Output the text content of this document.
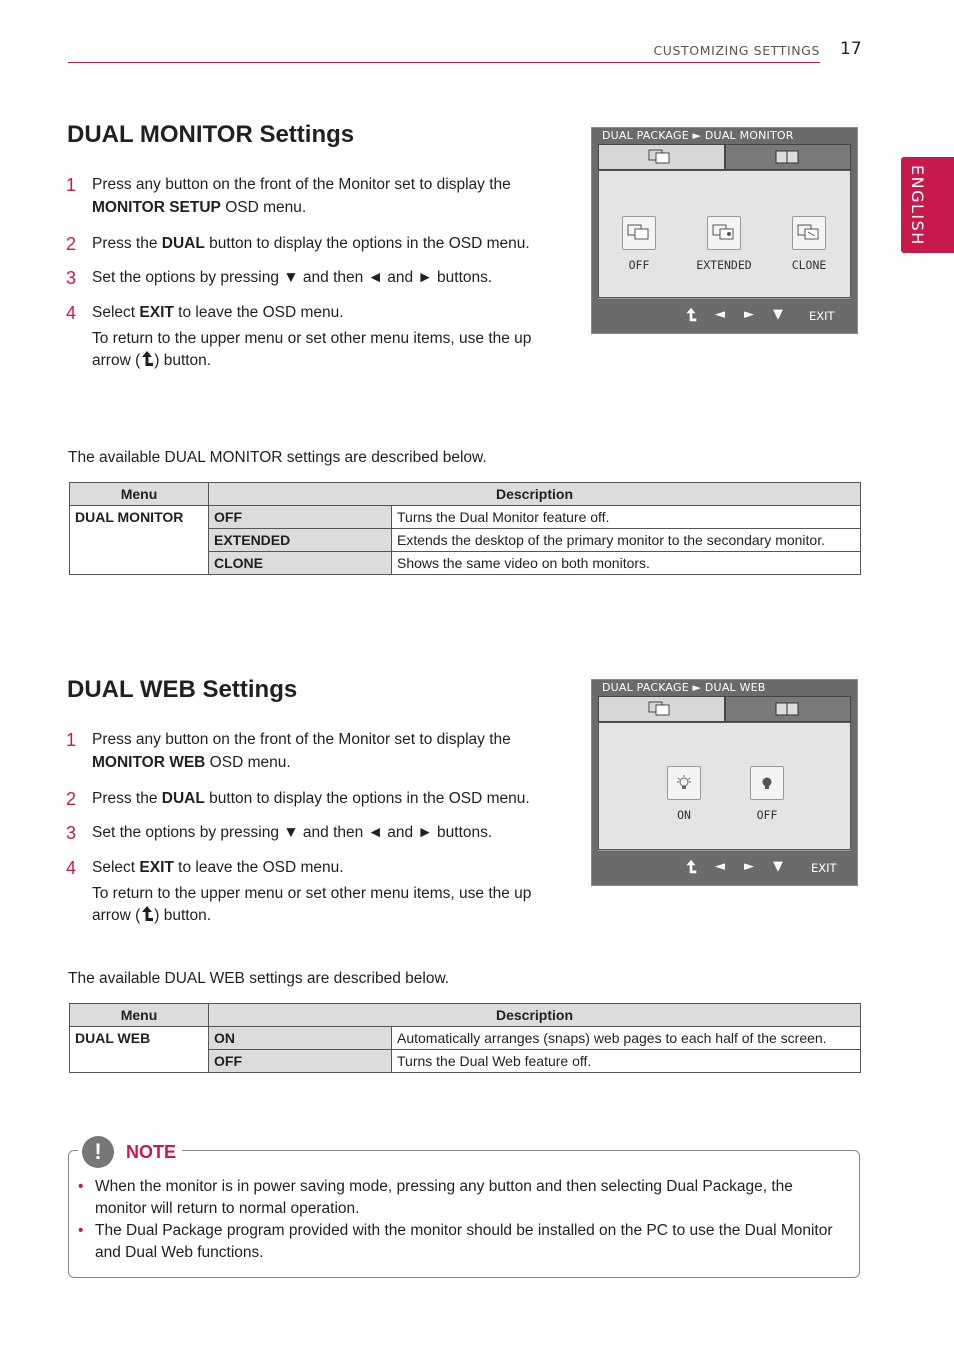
CUSTOMIZING SETTINGS 17
ENGLISH
DUAL MONITOR Settings
1 Press any button on the front of the Monitor set to display the MONITOR SETUP OSD menu.
2 Press the DUAL button to display the options in the OSD menu.
3 Set the options by pressing ▼ and then ◄ and ► buttons.
4 Select EXIT to leave the OSD menu.
To return to the upper menu or set other menu items, use the up arrow ( ) button.
DUAL PACKAGE ► DUAL MONITOR
OFF	EXTENDED	CLONE
◄ ► ▼ EXIT

The available DUAL MONITOR settings are described below.

Menu	Description	
DUAL MONITOR	OFF	Turns the Dual Monitor feature off.
	EXTENDED	Extends the desktop of the primary monitor to the secondary monitor.
	CLONE	Shows the same video on both monitors.
DUAL WEB Settings
1 Press any button on the front of the Monitor set to display the MONITOR WEB OSD menu.
2 Press the DUAL button to display the options in the OSD menu.
3 Set the options by pressing ▼ and then ◄ and ► buttons.
4 Select EXIT to leave the OSD menu.
To return to the upper menu or set other menu items, use the up arrow ( ) button.
DUAL PACKAGE ► DUAL WEB
ON	OFF
◄ ► ▼ EXIT

The available DUAL WEB settings are described below.

Menu	Description	
DUAL WEB	ON	Automatically arranges (snaps) web pages to each half of the screen.
	OFF	Turns the Dual Web feature off.
!	NOTE
• When the monitor is in power saving mode, pressing any button and then selecting Dual Package, the monitor will return to normal operation.
• The Dual Package program provided with the monitor should be installed on the PC to use the Dual Monitor and Dual Web functions.
